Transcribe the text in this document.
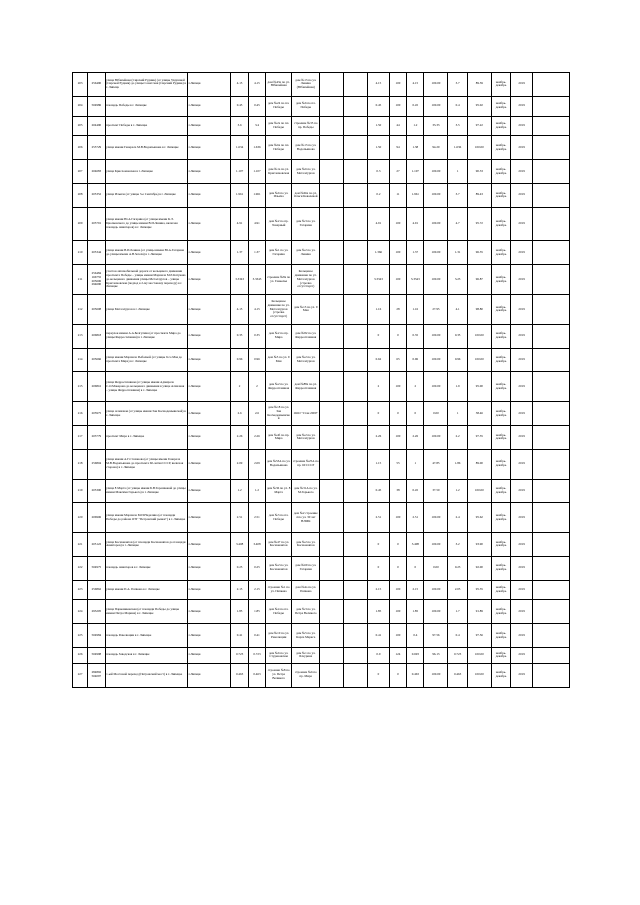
203	256490	улица Юбилейная (Сирский Рудник) (от улицы Удаушной (Сирской Рудник) до улицы Советская (Сирский Рудник) в г. Липецк	г.Липецк	4.15	4.15	дом №43а по ул. Юбилейная	дом №13 по ул. Ленина (Юбилейная)			4.15	100	4.15	100.00	3.7	89.59	ноябрь-декабрь	2019	
204	504986	площадь Победы в г. Липецке	г.Липецк	0.45	0.45	дом №24 по пл. Победы	дом №6 по пл. Победы			0.45	100	0.45	100.00	0.4	95.02	ноябрь-декабрь	2019	
205	204490	проспект Победы в г. Липецке	г.Липецк	3.6	3.4	дом №2а по пл. Победы	строение №35 по пр. Победы			1.50	44	1.2	33.33	3.5	97.22	ноябрь-декабрь	2019	
206	255729	улица имени Генерала М.В.Водопьянова в г. Липецке	г.Липецк	1.634	1.636	дом №6а по пл. Победы	дом №13 по ул. Водопьянова			1.50	94	1.38	94.20	1.636	100.00	ноябрь-декабрь	2019	
207	204683	улица Крисломовская в г. Липецке	г.Липецк	1.107	1.107	дом №1а по ул. Крисломовская	дом №6 по ул. Металлургов			0.3	27	1.107	100.00	1	90.33	ноябрь-декабрь	2019	
208	205352	улица Ильича (от улицы 3-е Сентябрь) в г. Липецке	г.Липецк	1.961	1.961	дом №6 по ул. Ильича	дом №66а по ул. Ольги Ковалевой			0.2	11	1.961	100.00	3.7	89.43	ноябрь-декабрь	2019	
209	205791	улица имени Ю.А.Гагарина (от улицы имени К.Э. Циолковского до улицы имени В.И.Ленина, включая площадь Авиаторов) в г. Липецке	г.Липецк	4.91	4.91	дом №2 по пр. Товарный	дом №3 по ул. Гагарина			4.91	100	4.91	100.00	4.7	95.72	ноябрь-декабрь	2019	
210	205344	улица имени В.И.Ленина (от улицы имени Ю.А.Гагарина до улицы имени А.В.Зегеля) в г. Липецке	г.Липецк	1.37	1.37	дом №1 по ул. Гагарина	дом №2 по ул. Ленина			1.366	100	1.37	100.00	1.31	96.35	ноябрь-декабрь	2019	
211	256484 166755 205606 294690	участок автомобильной дороги от кольцевого движения проспекта Победы – улицы имени Маршала М.Е.Катукова до кольцевого движения улицы Металлургов – улицы Крисломовская (подход к 2-му мостовому переходу) в г. Липецке	г.Липецк	3.3343	3.3343	строение №8а по ул. Гаккелья	Кольцевое движение по ул. Металлургов (стрелка отсутствует)			3.3343	100	3.3343	100.00	3.23	96.87	ноябрь-декабрь	2019	
212	205608	улица Металлургов в г. Липецке	г.Липецк	4.15	4.15	Кольцевое движение по ул. Металлургов (стрелка отсутствует)	дом №13 по ул. 9 Мая			1.16	28	1.16	27.95	4.1	98.80	ноябрь-декабрь	2019	
213	206818	переулок имени А.А.Белгулина (от проспекта Мира до улицы Ферросплавная) в г. Липецке	г.Липецк	0.35	0.35	дом №2 по пр. Мира	дом №82 по ул. Ферросплавная			0	0	0.35	100.00	0.35	100.00	ноябрь-декабрь	2019	
214	205666	улица имени Маршала Рыбалкой (от улицы 9-го Мая до проспекта Мира) в г. Липецке	г.Липецк	0.96	0.96	дом №5 по ул. 9 Мая	дом №2 по ул. Металлургов			0.62	65	0.96	100.00	0.96	100.00	ноябрь-декабрь	2019	
215	206816	улица Ферросплавная (от улицы имени Адмирала С.О.Макарова до кольцевого движения в улице Алмазная – улицы Ферросплавная) в г. Липецке	г.Липецк	2	2	дом №2 по ул. Ферросплавная	дом №88а по ул. Ферросплавная			2	100	2	100.00	1.9	95.00	ноябрь-декабрь	2019	
216	205975	улица Алмазная (от улицы имени Зои Космодемьянской) в г. Липецке	г.Липецк	2.6	2.6	дом №18 по ул. Зои Космодемьянской	ООО "Стан 2000"			0	0	0	0.00	1	38.46	ноябрь-декабрь	2019	
217	203779	проспект Мира в г. Липецке	г.Липецк	2.26	2.26	дом №4б по пр. Мира	дом №2 по ул. Металлургов			2.26	100	2.26	100.00	2.2	97.35	ноябрь-декабрь	2019	
218	256804	улица имени А.Г.Стаханова (от улицы имени Генерала М.В.Водопьянова до проспекта 60-летия СССР, включая сторона) в г. Липецке	г.Липецк	2.09	2.09	дом №53А по ул. Водопьянова	строение №25А по пр. 60 СССР			1.15	55	1	47.85	1.86	89.00	ноябрь-декабрь	2019	
219	205300	улица 8 Марта (от улицы имени Б.В.Терешковой до улицы имени Максима Горького) в г. Липецке	г.Липецк	1.2	1.2	дом №36 по ул. 8 Марта	дом №31А по ул. М.Горького			0.45	38	0.45	37.50	1.2	100.00	ноябрь-декабрь	2019	
220	206906	улица имени Маршала М.И.Неделина (от площади Победы до района ОТГ "Петровский рынок") в г. Липецке	г.Липецк	2.51	2.51	дом №3 по пл. Победы	дом №2 строение 4 по ул. 30 лет НЛМК			2.51	100	2.51	100.00	2.4	95.62	ноябрь-декабрь	2019	
221	205122	улица Космонавтов (от площади Космонавтов до площади Авиаторов) в г. Липецке	г.Липецк	3.408	3.408	дом №47 по ул. Космонавтов	дом №2 по ул. Космонавтов			0	0	3.408	100.00	3.2	93.90	ноябрь-декабрь	2019	
222	504975	площадь Авиаторов в г. Липецке	г.Липецк	0.25	0.25	дом №2 по ул. Космонавтов	дом №69 по ул. Гагарина			0	0	0	0.00	0.23	92.00	ноябрь-декабрь	2019	
223	256862	улица имени П.А. Папкова в г. Липецке	г.Липецк	2.15	2.15	строение №1 по ул. Папкова	дом №4а по ул. Папкова			2.15	100	2.15	100.00	2.05	95.35	ноябрь-декабрь	2019	
224	293205	улица Парковиковская (от площади Победы до улицы имени Петра Марина) в г. Липецке	г.Липецк	1.85	1.85	дом №4 по пл. Победы	дом №3 по ул. Петра Великого			1.85	100	1.85	100.00	1.7	91.89	ноябрь-декабрь	2019	
225	504984	площадь Революции в г. Липецке	г.Липецк	0.41	0.41	дом №10 по ул. Революции	дом №5 по ул. Карла Маркса			0.41	100	0.4	97.56	0.4	97.56	ноябрь-декабрь	2019	
226	504998	площадь Заводская в г. Липецке	г.Липецк	0.723	0.723	дом №6 по ул. Студеновская	дом №1 по ул. Бачурина			0.9	124	0.693	96.13	0.723	100.00	ноябрь-декабрь	2019	
227	284892 504097	1-ый Мостовой переход (Петровский мост) в г. Липецке	г.Липецк	0.463	0.463	строение №8 по ул. Петра Великого	строение №6 по пр. Мира			0	0	0.463	100.00	0.463	100.00	ноябрь-декабрь	2019	
